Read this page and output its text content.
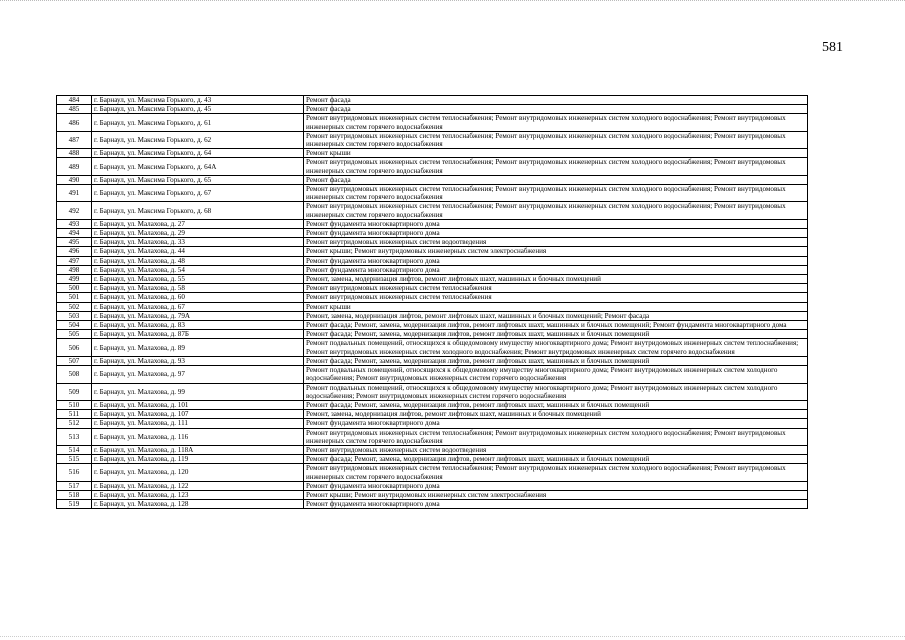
581
484	г. Барнаул, ул. Максима Горького, д. 43	Ремонт фасада
485	г. Барнаул, ул. Максима Горького, д. 45	Ремонт фасада
486	г. Барнаул, ул. Максима Горького, д. 61	Ремонт внутридомовых инженерных систем теплоснабжения; Ремонт внутридомовых инженерных систем холодного водоснабжения; Ремонт внутридомовых инженерных систем горячего водоснабжения
487	г. Барнаул, ул. Максима Горького, д. 62	Ремонт внутридомовых инженерных систем теплоснабжения; Ремонт внутридомовых инженерных систем холодного водоснабжения; Ремонт внутридомовых инженерных систем горячего водоснабжения
488	г. Барнаул, ул. Максима Горького, д. 64	Ремонт крыши
489	г. Барнаул, ул. Максима Горького, д. 64А	Ремонт внутридомовых инженерных систем теплоснабжения; Ремонт внутридомовых инженерных систем холодного водоснабжения; Ремонт внутридомовых инженерных систем горячего водоснабжения
490	г. Барнаул, ул. Максима Горького, д. 65	Ремонт фасада
491	г. Барнаул, ул. Максима Горького, д. 67	Ремонт внутридомовых инженерных систем теплоснабжения; Ремонт внутридомовых инженерных систем холодного водоснабжения; Ремонт внутридомовых инженерных систем горячего водоснабжения
492	г. Барнаул, ул. Максима Горького, д. 68	Ремонт внутридомовых инженерных систем теплоснабжения; Ремонт внутридомовых инженерных систем холодного водоснабжения; Ремонт внутридомовых инженерных систем горячего водоснабжения
493	г. Барнаул, ул. Малахова, д. 27	Ремонт фундамента многоквартирного дома
494	г. Барнаул, ул. Малахова, д. 29	Ремонт фундамента многоквартирного дома
495	г. Барнаул, ул. Малахова, д. 33	Ремонт внутридомовых инженерных систем водоотведения
496	г. Барнаул, ул. Малахова, д. 44	Ремонт крыши; Ремонт внутридомовых инженерных систем электроснабжения
497	г. Барнаул, ул. Малахова, д. 48	Ремонт фундамента многоквартирного дома
498	г. Барнаул, ул. Малахова, д. 54	Ремонт фундамента многоквартирного дома
499	г. Барнаул, ул. Малахова, д. 55	Ремонт, замена, модернизация лифтов, ремонт лифтовых шахт, машинных и блочных помещений
500	г. Барнаул, ул. Малахова, д. 58	Ремонт внутридомовых инженерных систем теплоснабжения
501	г. Барнаул, ул. Малахова, д. 60	Ремонт внутридомовых инженерных систем теплоснабжения
502	г. Барнаул, ул. Малахова, д. 67	Ремонт крыши
503	г. Барнаул, ул. Малахова, д. 79А	Ремонт, замена, модернизация лифтов, ремонт лифтовых шахт, машинных и блочных помещений; Ремонт фасада
504	г. Барнаул, ул. Малахова, д. 83	Ремонт фасада; Ремонт, замена, модернизация лифтов, ремонт лифтовых шахт, машинных и блочных помещений; Ремонт фундамента многоквартирного дома
505	г. Барнаул, ул. Малахова, д. 87Б	Ремонт фасада; Ремонт, замена, модернизация лифтов, ремонт лифтовых шахт, машинных и блочных помещений
506	г. Барнаул, ул. Малахова, д. 89	Ремонт подвальных помещений, относящихся к общедомовому имуществу многоквартирного дома; Ремонт внутридомовых инженерных систем теплоснабжения; Ремонт внутридомовых инженерных систем холодного водоснабжения; Ремонт внутридомовых инженерных систем горячего водоснабжения
507	г. Барнаул, ул. Малахова, д. 93	Ремонт фасада; Ремонт, замена, модернизация лифтов, ремонт лифтовых шахт, машинных и блочных помещений
508	г. Барнаул, ул. Малахова, д. 97	Ремонт подвальных помещений, относящихся к общедомовому имуществу многоквартирного дома; Ремонт внутридомовых инженерных систем холодного водоснабжения; Ремонт внутридомовых инженерных систем горячего водоснабжения
509	г. Барнаул, ул. Малахова, д. 99	Ремонт подвальных помещений, относящихся к общедомовому имуществу многоквартирного дома; Ремонт внутридомовых инженерных систем холодного водоснабжения; Ремонт внутридомовых инженерных систем горячего водоснабжения
510	г. Барнаул, ул. Малахова, д. 101	Ремонт фасада; Ремонт, замена, модернизация лифтов, ремонт лифтовых шахт, машинных и блочных помещений
511	г. Барнаул, ул. Малахова, д. 107	Ремонт, замена, модернизация лифтов, ремонт лифтовых шахт, машинных и блочных помещений
512	г. Барнаул, ул. Малахова, д. 111	Ремонт фундамента многоквартирного дома
513	г. Барнаул, ул. Малахова, д. 116	Ремонт внутридомовых инженерных систем теплоснабжения; Ремонт внутридомовых инженерных систем холодного водоснабжения; Ремонт внутридомовых инженерных систем горячего водоснабжения
514	г. Барнаул, ул. Малахова, д. 118А	Ремонт внутридомовых инженерных систем водоотведения
515	г. Барнаул, ул. Малахова, д. 119	Ремонт фасада; Ремонт, замена, модернизация лифтов, ремонт лифтовых шахт, машинных и блочных помещений
516	г. Барнаул, ул. Малахова, д. 120	Ремонт внутридомовых инженерных систем теплоснабжения; Ремонт внутридомовых инженерных систем холодного водоснабжения; Ремонт внутридомовых инженерных систем горячего водоснабжения
517	г. Барнаул, ул. Малахова, д. 122	Ремонт фундамента многоквартирного дома
518	г. Барнаул, ул. Малахова, д. 123	Ремонт крыши; Ремонт внутридомовых инженерных систем электроснабжения
519	г. Барнаул, ул. Малахова, д. 128	Ремонт фундамента многоквартирного дома
